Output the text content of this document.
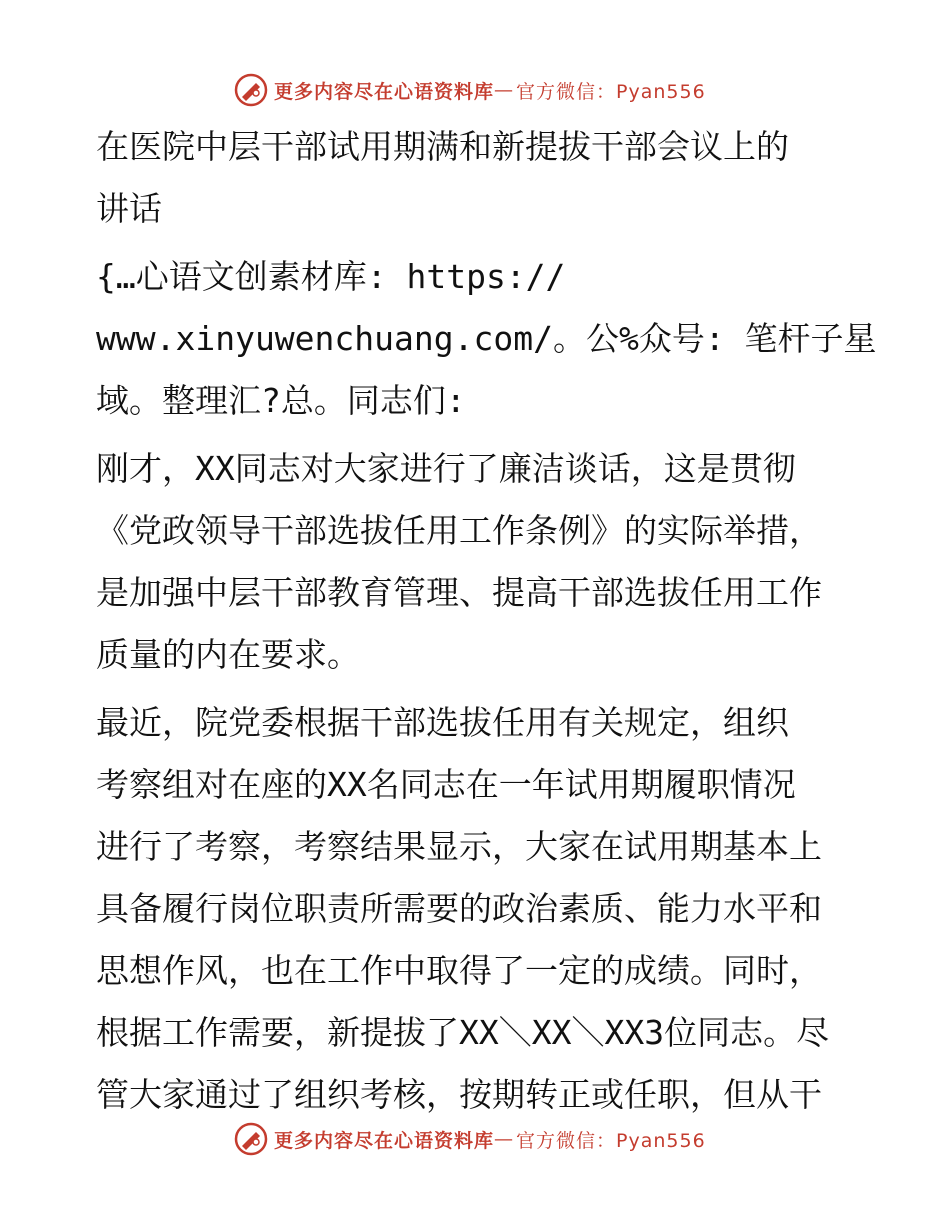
更多内容尽在心语资料库 — 官方微信：Pyan556
在医院中层干部试用期满和新提拔干部会议上的
讲话
{…心语文创素材库: https://
www.xinyuwenchuang.com/。公%众号: 笔杆子星
域。整理汇?总。同志们:
刚才，XX同志对大家进行了廉洁谈话，这是贯彻
《党政领导干部选拔任用工作条例》的实际举措，
是加强中层干部教育管理、提高干部选拔任用工作
质量的内在要求。
最近，院党委根据干部选拔任用有关规定，组织
考察组对在座的XX名同志在一年试用期履职情况
进行了考察，考察结果显示，大家在试用期基本上
具备履行岗位职责所需要的政治素质、能力水平和
思想作风，也在工作中取得了一定的成绩。同时，
根据工作需要，新提拔了XX＼XX＼XX3位同志。尽
管大家通过了组织考核，按期转正或任职，但从干
更多内容尽在心语资料库 — 官方微信：Pyan556
